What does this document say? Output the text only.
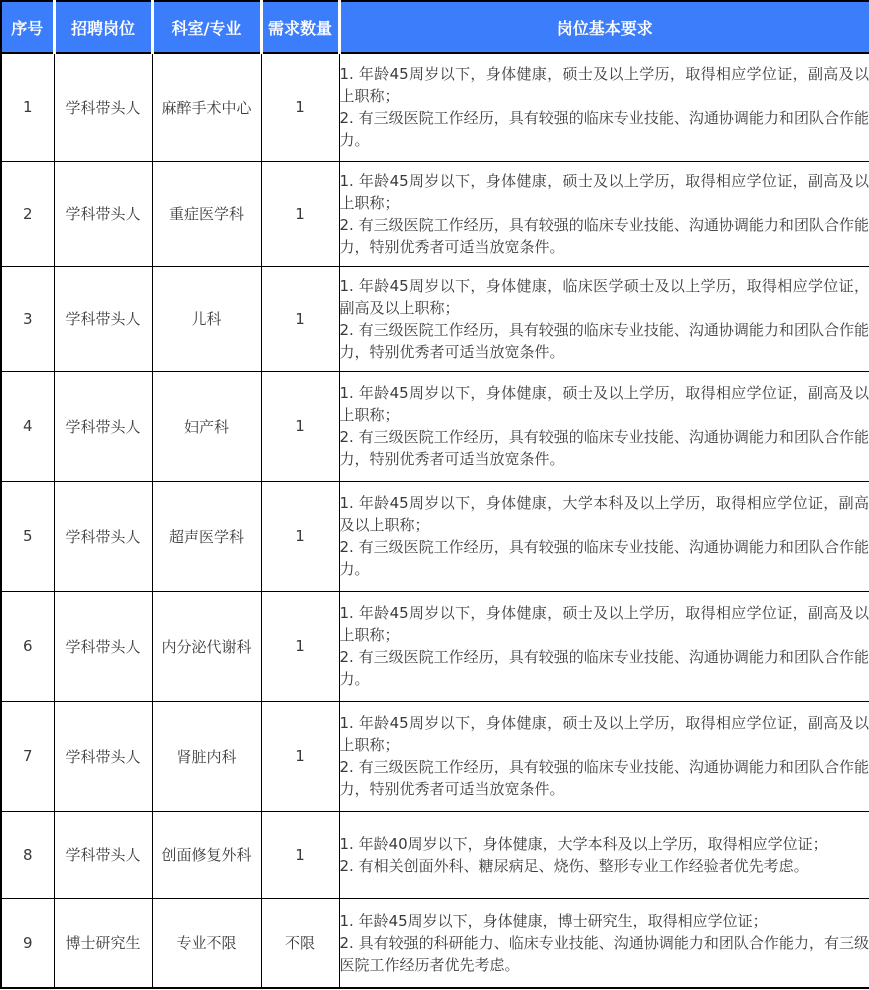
序号	招聘岗位	科室/专业	需求数量	岗位基本要求
1	学科带头人	麻醉手术中心	1	1. 年龄45周岁以下，身体健康，硕士及以上学历，取得相应学位证，副高及以上职称；
2. 有三级医院工作经历，具有较强的临床专业技能、沟通协调能力和团队合作能力。

2	学科带头人	重症医学科	1	1. 年龄45周岁以下，身体健康，硕士及以上学历，取得相应学位证，副高及以上职称；
2. 有三级医院工作经历，具有较强的临床专业技能、沟通协调能力和团队合作能力，特别优秀者可适当放宽条件。

3	学科带头人	儿科	1	1. 年龄45周岁以下，身体健康，临床医学硕士及以上学历，取得相应学位证，副高及以上职称；
2. 有三级医院工作经历，具有较强的临床专业技能、沟通协调能力和团队合作能力，特别优秀者可适当放宽条件。

4	学科带头人	妇产科	1	1. 年龄45周岁以下，身体健康，硕士及以上学历，取得相应学位证，副高及以上职称；
2. 有三级医院工作经历，具有较强的临床专业技能、沟通协调能力和团队合作能力，特别优秀者可适当放宽条件。

5	学科带头人	超声医学科	1	1. 年龄45周岁以下，身体健康，大学本科及以上学历，取得相应学位证，副高及以上职称；
2. 有三级医院工作经历，具有较强的临床专业技能、沟通协调能力和团队合作能力。

6	学科带头人	内分泌代谢科	1	1. 年龄45周岁以下，身体健康，硕士及以上学历，取得相应学位证，副高及以上职称；
2. 有三级医院工作经历，具有较强的临床专业技能、沟通协调能力和团队合作能力。

7	学科带头人	肾脏内科	1	1. 年龄45周岁以下，身体健康，硕士及以上学历，取得相应学位证，副高及以上职称；
2. 有三级医院工作经历，具有较强的临床专业技能、沟通协调能力和团队合作能力，特别优秀者可适当放宽条件。

8	学科带头人	创面修复外科	1	1. 年龄40周岁以下，身体健康，大学本科及以上学历，取得相应学位证；
2. 有相关创面外科、糖尿病足、烧伤、整形专业工作经验者优先考虑。

9	博士研究生	专业不限	不限	1. 年龄45周岁以下，身体健康，博士研究生，取得相应学位证；
2. 具有较强的科研能力、临床专业技能、沟通协调能力和团队合作能力，有三级医院工作经历者优先考虑。
